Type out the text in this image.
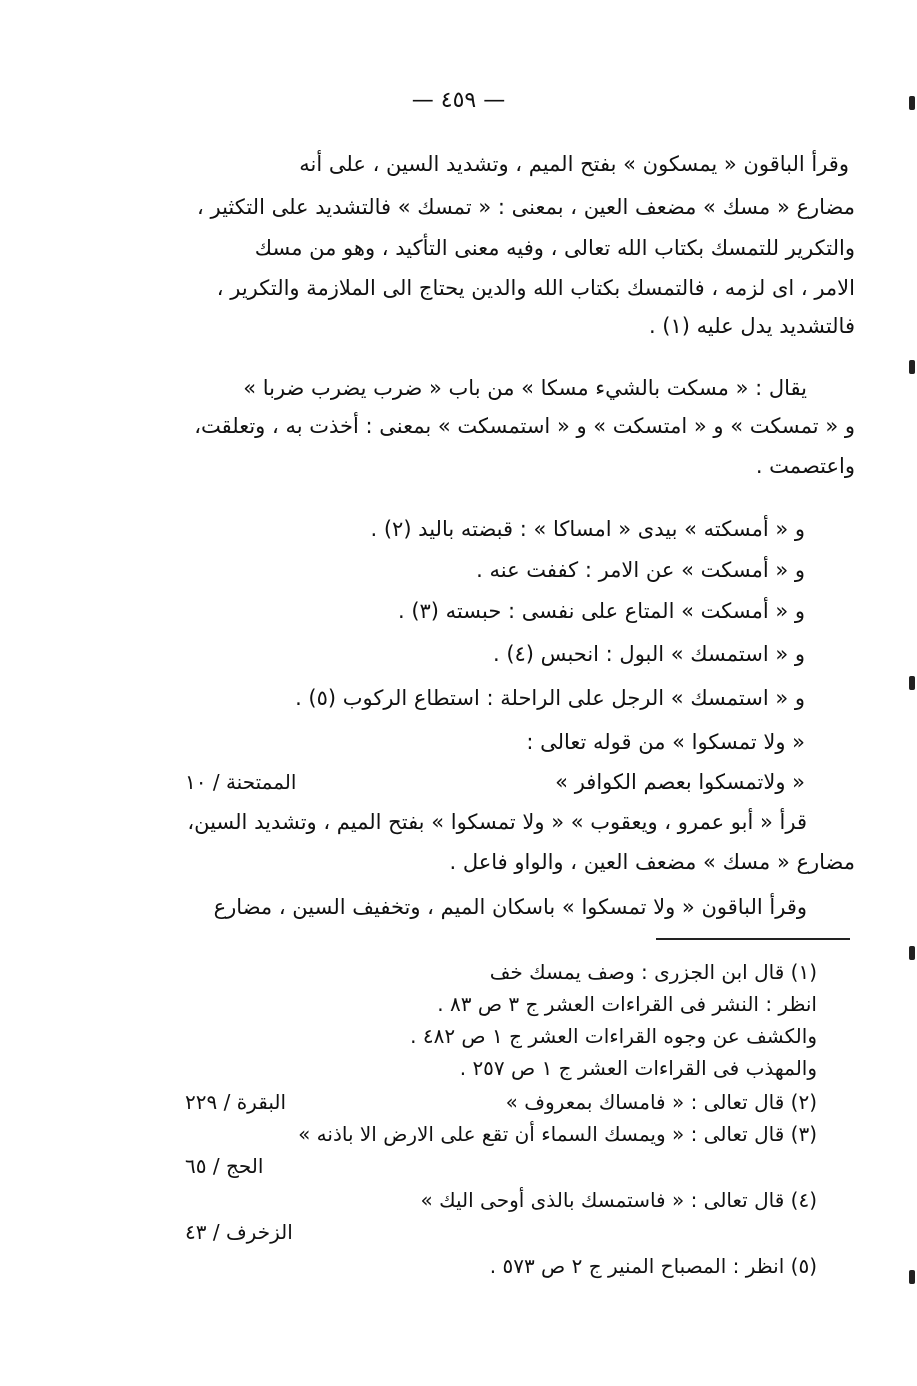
— ٤٥٩ —
وقرأ الباقون « يمسكون » بفتح الميم ، وتشديد السين ، على أنه
مضارع « مسك » مضعف العين ، بمعنى : « تمسك » فالتشديد على التكثير ،
والتكرير للتمسك بكتاب الله تعالى ، وفيه معنى التأكيد ، وهو من مسك
الامر ، اى لزمه ، فالتمسك بكتاب الله والدين يحتاج الى الملازمة والتكرير ،
فالتشديد يدل عليه (١) .
يقال : « مسكت بالشيء مسكا » من باب « ضرب يضرب ضربا »
و « تمسكت » و « امتسكت » و « استمسكت » بمعنى : أخذت به ، وتعلقت،
واعتصمت .
و « أمسكته » بيدى « امساكا » : قبضته باليد (٢) .
و « أمسكت » عن الامر : كففت عنه .
و « أمسكت » المتاع على نفسى : حبسته (٣) .
و « استمسك » البول : انحبس (٤) .
و « استمسك » الرجل على الراحلة : استطاع الركوب (٥) .
« ولا تمسكوا » من قوله تعالى :
« ولاتمسكوا بعصم الكوافر »
الممتحنة / ١٠
قرأ « أبو عمرو ، ويعقوب » « ولا تمسكوا » بفتح الميم ، وتشديد السين،
مضارع « مسك » مضعف العين ، والواو فاعل .
وقرأ الباقون « ولا تمسكوا » باسكان الميم ، وتخفيف السين ، مضارع
(١) قال ابن الجزرى : وصف يمسك خف
انظر : النشر فى القراءات العشر ج ٣ ص ٨٣ .
والكشف عن وجوه القراءات العشر ج ١ ص ٤٨٢ .
والمهذب فى القراءات العشر ج ١ ص ٢٥٧ .
(٢) قال تعالى : « فامساك بمعروف »
البقرة / ٢٢٩
(٣) قال تعالى : « ويمسك السماء أن تقع على الارض الا باذنه »
الحج / ٦٥
(٤) قال تعالى : « فاستمسك بالذى أوحى اليك »
الزخرف / ٤٣
(٥) انظر : المصباح المنير ج ٢ ص ٥٧٣ .
